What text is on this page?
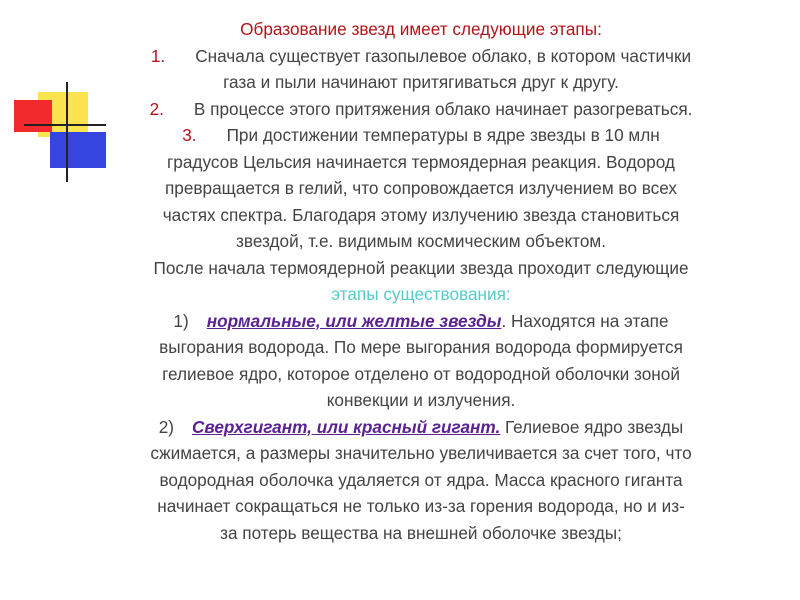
Образование звезд имеет следующие этапы:
1. Сначала существует газопылевое облако, в котором частички
газа и пыли начинают притягиваться друг к другу.
2. В процессе этого притяжения облако начинает разогреваться.
3. При достижении температуры в ядре звезды в 10 млн
градусов Цельсия начинается термоядерная реакция. Водород
превращается в гелий, что сопровождается излучением во всех
частях спектра. Благодаря этому излучению звезда становиться
звездой, т.е. видимым космическим объектом.
После начала термоядерной реакции звезда проходит следующие
этапы существования:
1) нормальные, или желтые звезды. Находятся на этапе
выгорания водорода. По мере выгорания водорода формируется
гелиевое ядро, которое отделено от водородной оболочки зоной
конвекции и излучения.
2) Сверхгигант, или красный гигант. Гелиевое ядро звезды
сжимается, а размеры значительно увеличивается за счет того, что
водородная оболочка удаляется от ядра. Масса красного гиганта
начинает сокращаться не только из-за горения водорода, но и из-
за потерь вещества на внешней оболочке звезды;
